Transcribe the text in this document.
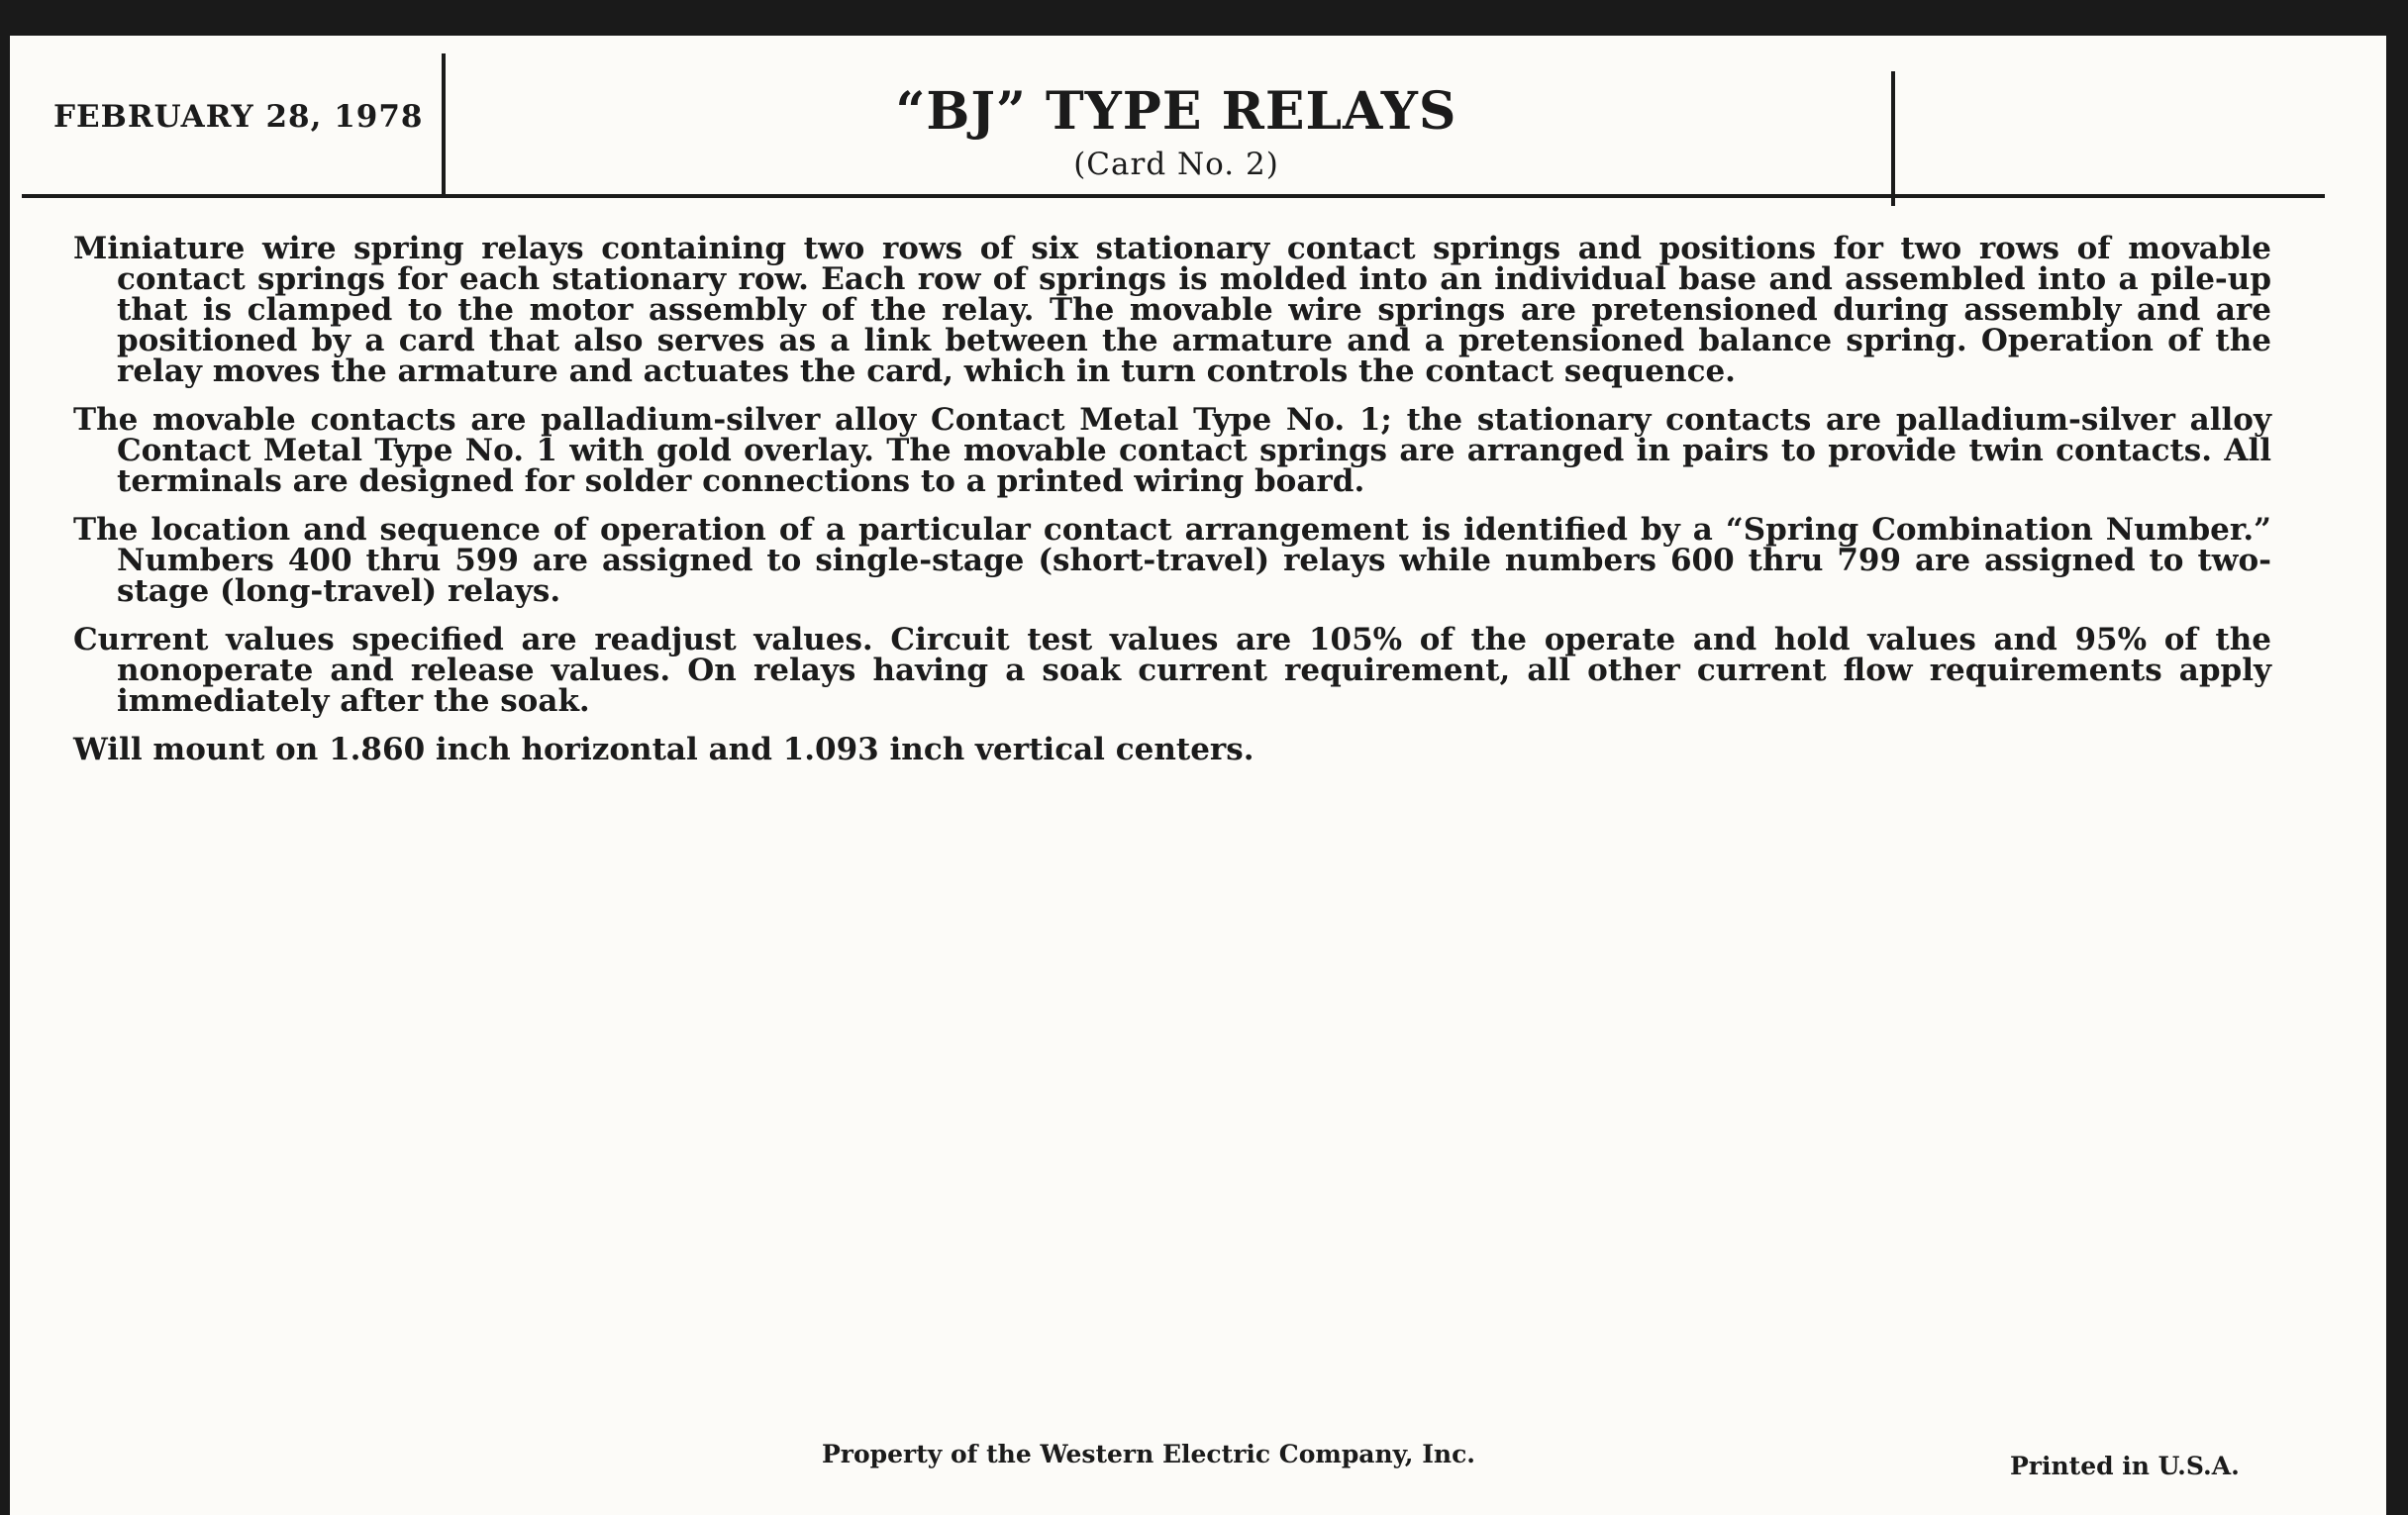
FEBRUARY 28, 1978	“BJ” TYPE RELAYS
(Card No. 2)

Miniature wire spring relays containing two rows of six stationary contact springs and positions for two rows of movable contact springs for each stationary row. Each row of springs is molded into an individual base and assembled into a pile-up that is clamped to the motor assembly of the relay. The movable wire springs are pretensioned during assembly and are positioned by a card that also serves as a link between the armature and a pretensioned balance spring. Operation of the relay moves the armature and actuates the card, which in turn controls the contact sequence.

The movable contacts are palladium-silver alloy Contact Metal Type No. 1; the stationary contacts are palladium-silver alloy Contact Metal Type No. 1 with gold overlay. The movable contact springs are arranged in pairs to provide twin contacts. All terminals are designed for solder connections to a printed wiring board.

The location and sequence of operation of a particular contact arrangement is identified by a “Spring Combination Number.” Numbers 400 thru 599 are assigned to single-stage (short-travel) relays while numbers 600 thru 799 are assigned to two-stage (long-travel) relays.

Current values specified are readjust values. Circuit test values are 105% of the operate and hold values and 95% of the nonoperate and release values. On relays having a soak current requirement, all other current flow requirements apply immediately after the soak.

Will mount on 1.860 inch horizontal and 1.093 inch vertical centers.

Property of the Western Electric Company, Inc.	Printed in U.S.A.
